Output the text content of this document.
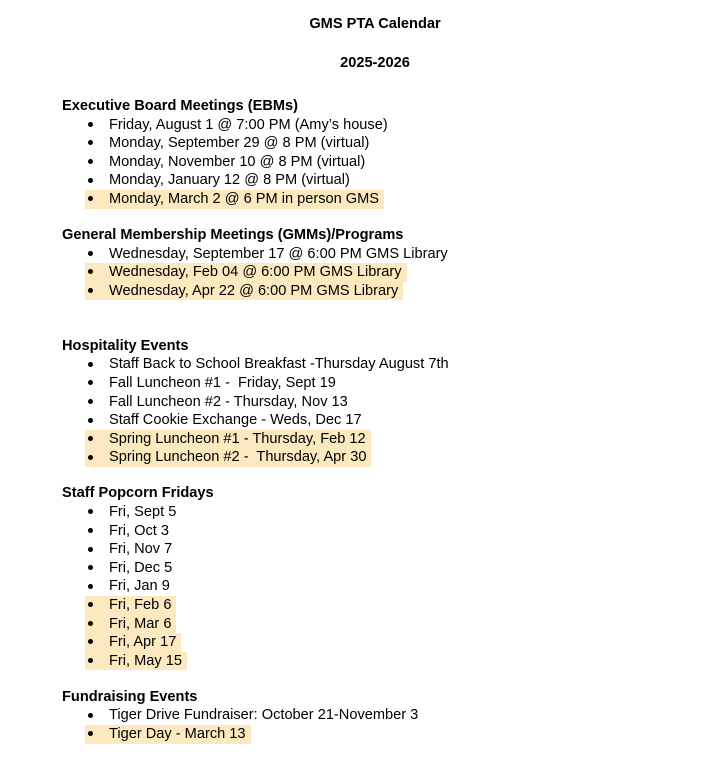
GMS PTA Calendar
2025-2026
Executive Board Meetings (EBMs)
Friday, August 1 @ 7:00 PM (Amy’s house)
Monday, September 29 @ 8 PM (virtual)
Monday, November 10 @ 8 PM (virtual)
Monday, January 12 @ 8 PM (virtual)
Monday, March 2 @ 6 PM in person GMS
General Membership Meetings (GMMs)/Programs
Wednesday, September 17 @ 6:00 PM GMS Library
Wednesday, Feb 04 @ 6:00 PM GMS Library
Wednesday, Apr 22 @ 6:00 PM GMS Library
Hospitality Events
Staff Back to School Breakfast -Thursday August 7th
Fall Luncheon #1 -  Friday, Sept 19
Fall Luncheon #2 - Thursday, Nov 13
Staff Cookie Exchange - Weds, Dec 17
Spring Luncheon #1 - Thursday, Feb 12
Spring Luncheon #2 -  Thursday, Apr 30
Staff Popcorn Fridays
Fri, Sept 5
Fri, Oct 3
Fri, Nov 7
Fri, Dec 5
Fri, Jan 9
Fri, Feb 6
Fri, Mar 6
Fri, Apr 17
Fri, May 15
Fundraising Events
Tiger Drive Fundraiser: October 21-November 3
Tiger Day - March 13
